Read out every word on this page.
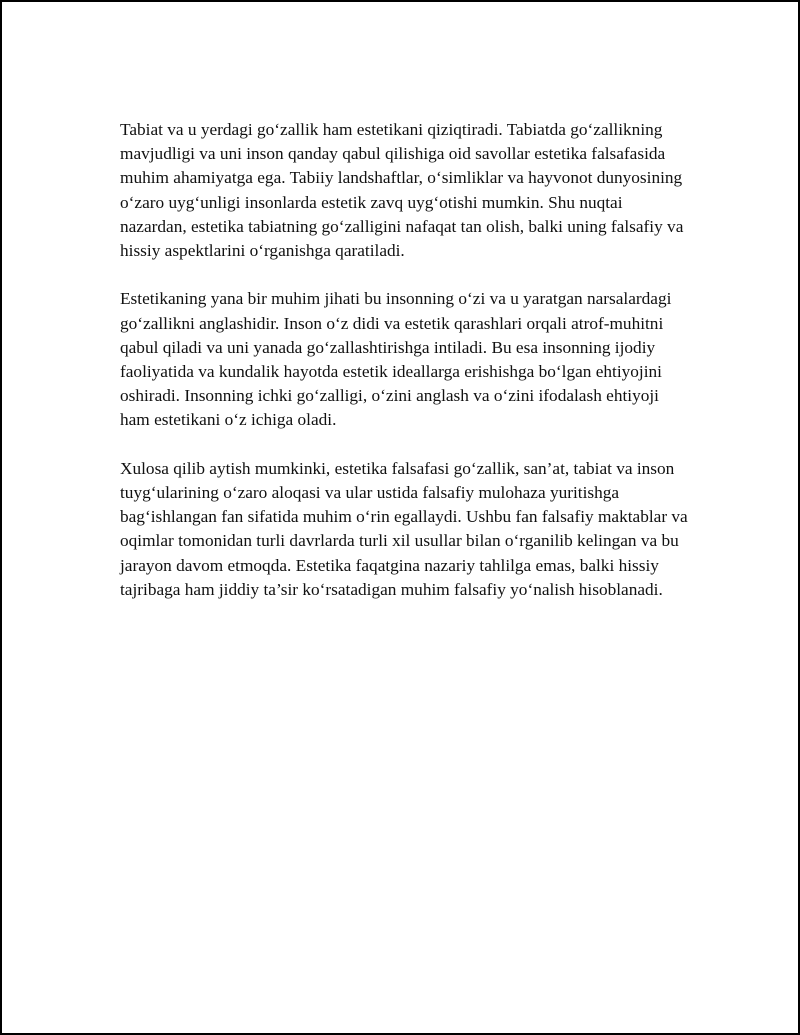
Tabiat va u yerdagi go‘zallik ham estetikani qiziqtiradi. Tabiatda go‘zallikning mavjudligi va uni inson qanday qabul qilishiga oid savollar estetika falsafasida muhim ahamiyatga ega. Tabiiy landshaftlar, o‘simliklar va hayvonot dunyosining o‘zaro uyg‘unligi insonlarda estetik zavq uyg‘otishi mumkin. Shu nuqtai nazardan, estetika tabiatning go‘zalligini nafaqat tan olish, balki uning falsafiy va hissiy aspektlarini o‘rganishga qaratiladi.

Estetikaning yana bir muhim jihati bu insonning o‘zi va u yaratgan narsalardagi go‘zallikni anglashidir. Inson o‘z didi va estetik qarashlari orqali atrof-muhitni qabul qiladi va uni yanada go‘zallashtirishga intiladi. Bu esa insonning ijodiy faoliyatida va kundalik hayotda estetik ideallarga erishishga bo‘lgan ehtiyojini oshiradi. Insonning ichki go‘zalligi, o‘zini anglash va o‘zini ifodalash ehtiyoji ham estetikani o‘z ichiga oladi.

Xulosa qilib aytish mumkinki, estetika falsafasi go‘zallik, san’at, tabiat va inson tuyg‘ularining o‘zaro aloqasi va ular ustida falsafiy mulohaza yuritishga bag‘ishlangan fan sifatida muhim o‘rin egallaydi. Ushbu fan falsafiy maktablar va oqimlar tomonidan turli davrlarda turli xil usullar bilan o‘rganilib kelingan va bu jarayon davom etmoqda. Estetika faqatgina nazariy tahlilga emas, balki hissiy tajribaga ham jiddiy ta’sir ko‘rsatadigan muhim falsafiy yo‘nalish hisoblanadi.
